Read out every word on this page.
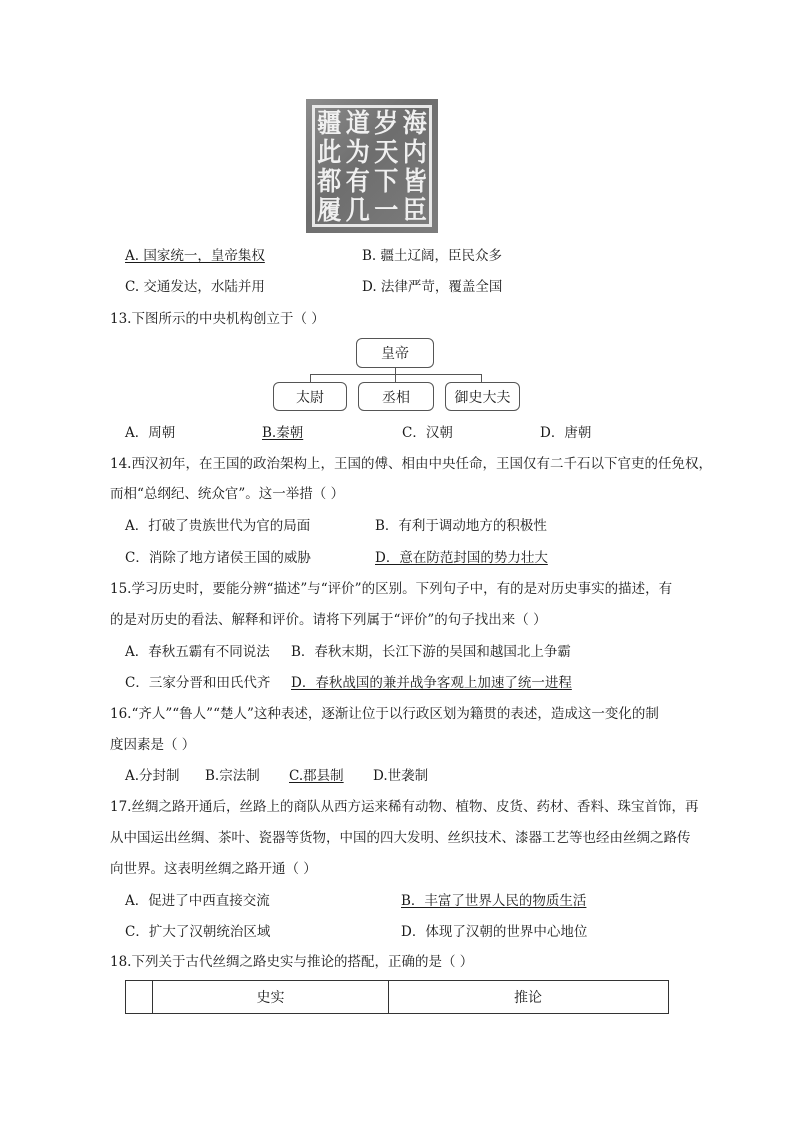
疆 道 岁 海
此 为 天 内
都 有 下 皆
履 几 一 臣
A. 国家统一，皇帝集权	B. 疆土辽阔，臣民众多
C. 交通发达，水陆并用	D. 法律严苛，覆盖全国
13.下图所示的中央机构创立于（ ）
皇帝
太尉	丞相	御史大夫
A．周朝	B.秦朝	C．汉朝	D．唐朝
14.西汉初年，在王国的政治架构上，王国的傅、相由中央任命，王国仅有二千石以下官吏的任免权，
而相“总纲纪、统众官”。这一举措（ ）
A．打破了贵族世代为官的局面	B．有利于调动地方的积极性
C．消除了地方诸侯王国的威胁	D．意在防范封国的势力壮大
15.学习历史时，要能分辨“描述”与“评价”的区别。下列句子中，有的是对历史事实的描述，有
的是对历史的看法、解释和评价。请将下列属于“评价”的句子找出来（ ）
A．春秋五霸有不同说法 B．春秋末期，长江下游的吴国和越国北上争霸
C．三家分晋和田氏代齐 D．春秋战国的兼并战争客观上加速了统一进程
16.“齐人”“鲁人”“楚人”这种表述，逐渐让位于以行政区划为籍贯的表述，造成这一变化的制
度因素是（ ）
A.分封制 B.宗法制 C.郡县制 D.世袭制
17.丝绸之路开通后，丝路上的商队从西方运来稀有动物、植物、皮货、药材、香料、珠宝首饰，再
从中国运出丝绸、茶叶、瓷器等货物，中国的四大发明、丝织技术、漆器工艺等也经由丝绸之路传
向世界。这表明丝绸之路开通（ ）
A．促进了中西直接交流	B．丰富了世界人民的物质生活
C．扩大了汉朝统治区域	D．体现了汉朝的世界中心地位
18.下列关于古代丝绸之路史实与推论的搭配，正确的是（ ）
史实	推论
